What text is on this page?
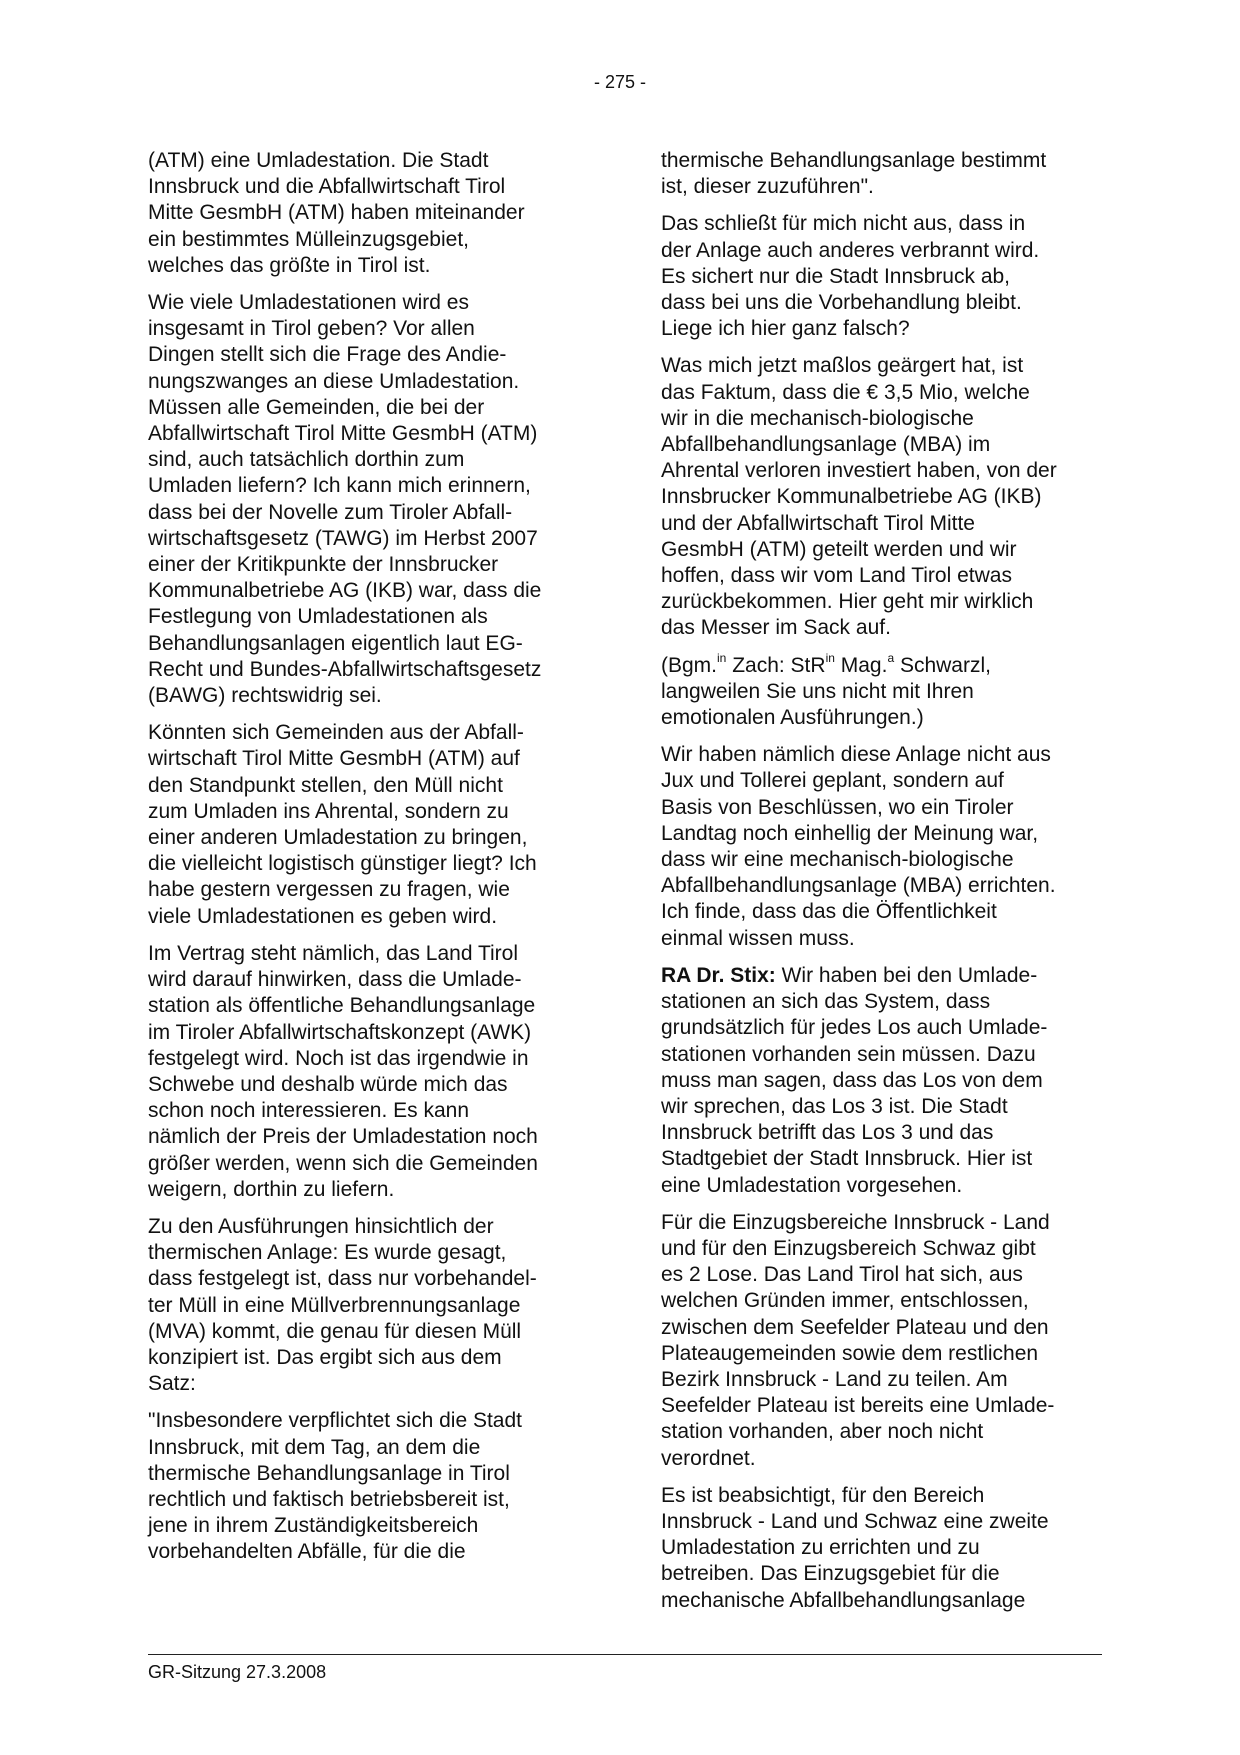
- 275 -

(ATM) eine Umladestation. Die Stadt
Innsbruck und die Abfallwirtschaft Tirol
Mitte GesmbH (ATM) haben miteinander
ein bestimmtes Mülleinzugsgebiet,
welches das größte in Tirol ist.

Wie viele Umladestationen wird es
insgesamt in Tirol geben? Vor allen
Dingen stellt sich die Frage des Andie-
nungszwanges an diese Umladestation.
Müssen alle Gemeinden, die bei der
Abfallwirtschaft Tirol Mitte GesmbH (ATM)
sind, auch tatsächlich dorthin zum
Umladen liefern? Ich kann mich erinnern,
dass bei der Novelle zum Tiroler Abfall-
wirtschaftsgesetz (TAWG) im Herbst 2007
einer der Kritikpunkte der Innsbrucker
Kommunalbetriebe AG (IKB) war, dass die
Festlegung von Umladestationen als
Behandlungsanlagen eigentlich laut EG-
Recht und Bundes-Abfallwirtschaftsgesetz
(BAWG) rechtswidrig sei.

Könnten sich Gemeinden aus der Abfall-
wirtschaft Tirol Mitte GesmbH (ATM) auf
den Standpunkt stellen, den Müll nicht
zum Umladen ins Ahrental, sondern zu
einer anderen Umladestation zu bringen,
die vielleicht logistisch günstiger liegt? Ich
habe gestern vergessen zu fragen, wie
viele Umladestationen es geben wird.

Im Vertrag steht nämlich, das Land Tirol
wird darauf hinwirken, dass die Umlade-
station als öffentliche Behandlungsanlage
im Tiroler Abfallwirtschaftskonzept (AWK)
festgelegt wird. Noch ist das irgendwie in
Schwebe und deshalb würde mich das
schon noch interessieren. Es kann
nämlich der Preis der Umladestation noch
größer werden, wenn sich die Gemeinden
weigern, dorthin zu liefern.

Zu den Ausführungen hinsichtlich der
thermischen Anlage: Es wurde gesagt,
dass festgelegt ist, dass nur vorbehandel-
ter Müll in eine Müllverbrennungsanlage
(MVA) kommt, die genau für diesen Müll
konzipiert ist. Das ergibt sich aus dem
Satz:

"Insbesondere verpflichtet sich die Stadt
Innsbruck, mit dem Tag, an dem die
thermische Behandlungsanlage in Tirol
rechtlich und faktisch betriebsbereit ist,
jene in ihrem Zuständigkeitsbereich
vorbehandelten Abfälle, für die die

thermische Behandlungsanlage bestimmt
ist, dieser zuzuführen".

Das schließt für mich nicht aus, dass in
der Anlage auch anderes verbrannt wird.
Es sichert nur die Stadt Innsbruck ab,
dass bei uns die Vorbehandlung bleibt.
Liege ich hier ganz falsch?

Was mich jetzt maßlos geärgert hat, ist
das Faktum, dass die € 3,5 Mio, welche
wir in die mechanisch-biologische
Abfallbehandlungsanlage (MBA) im
Ahrental verloren investiert haben, von der
Innsbrucker Kommunalbetriebe AG (IKB)
und der Abfallwirtschaft Tirol Mitte
GesmbH (ATM) geteilt werden und wir
hoffen, dass wir vom Land Tirol etwas
zurückbekommen. Hier geht mir wirklich
das Messer im Sack auf.

(Bgm.$^{in}$ Zach: StR$^{in}$ Mag.$^a$ Schwarzl,
langweilen Sie uns nicht mit Ihren
emotionalen Ausführungen.)

Wir haben nämlich diese Anlage nicht aus
Jux und Tollerei geplant, sondern auf
Basis von Beschlüssen, wo ein Tiroler
Landtag noch einhellig der Meinung war,
dass wir eine mechanisch-biologische
Abfallbehandlungsanlage (MBA) errichten.
Ich finde, dass das die Öffentlichkeit
einmal wissen muss.

RA Dr. Stix: Wir haben bei den Umlade-
stationen an sich das System, dass
grundsätzlich für jedes Los auch Umlade-
stationen vorhanden sein müssen. Dazu
muss man sagen, dass das Los von dem
wir sprechen, das Los 3 ist. Die Stadt
Innsbruck betrifft das Los 3 und das
Stadtgebiet der Stadt Innsbruck. Hier ist
eine Umladestation vorgesehen.

Für die Einzugsbereiche Innsbruck - Land
und für den Einzugsbereich Schwaz gibt
es 2 Lose. Das Land Tirol hat sich, aus
welchen Gründen immer, entschlossen,
zwischen dem Seefelder Plateau und den
Plateaugemeinden sowie dem restlichen
Bezirk Innsbruck - Land zu teilen. Am
Seefelder Plateau ist bereits eine Umlade-
station vorhanden, aber noch nicht
verordnet.

Es ist beabsichtigt, für den Bereich
Innsbruck - Land und Schwaz eine zweite
Umladestation zu errichten und zu
betreiben. Das Einzugsgebiet für die
mechanische Abfallbehandlungsanlage

GR-Sitzung 27.3.2008
